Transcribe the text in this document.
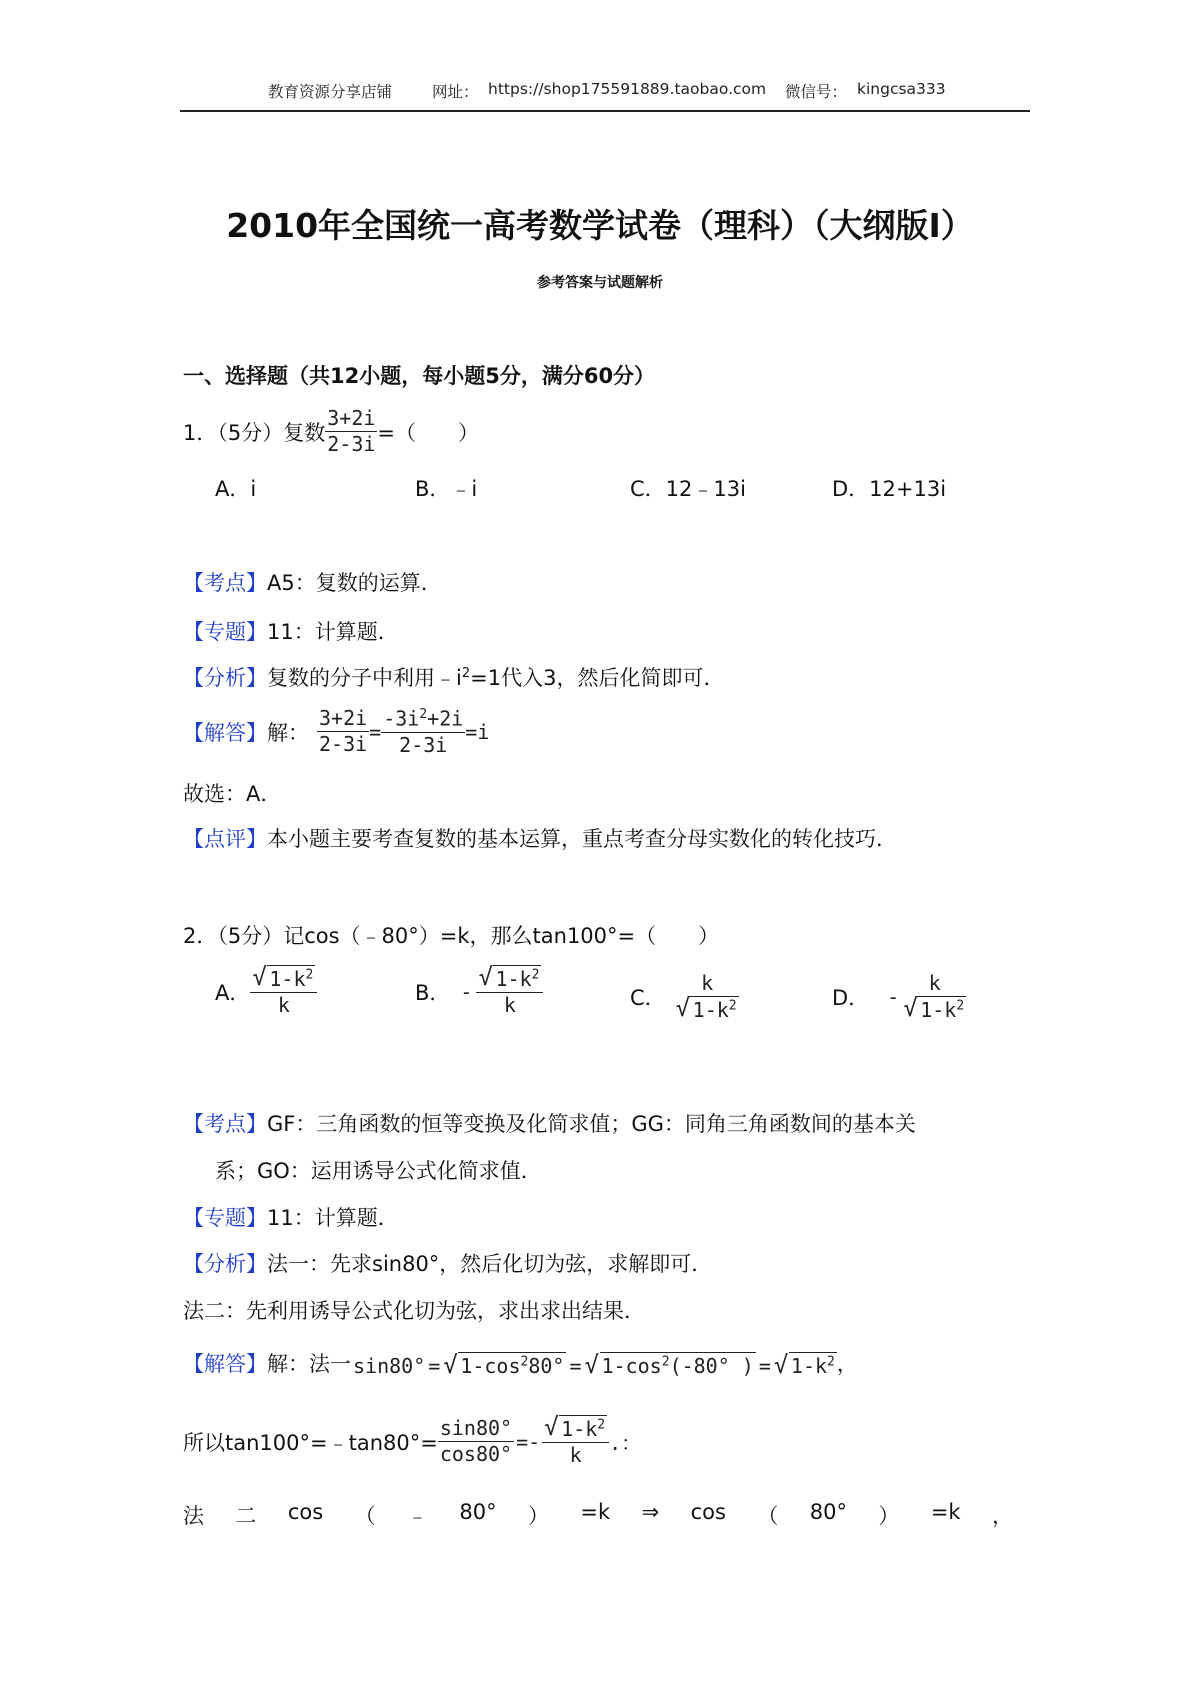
教育资源分享店铺	网址： https://shop175591889.taobao.com 微信号： kingcsa333
2010年全国统一高考数学试卷（理科）（大纲版Ⅰ）
参考答案与试题解析
一、选择题（共12小题，每小题5分，满分60分）
1．（5分）复数 $\frac{3+2i}{2-3i}$ =（　　）
A．i	B．﹣i	C．12﹣13i	D．12+13i
【考点】A5：复数的运算．
【专题】11：计算题．
【分析】复数的分子中利用$﹣i^2=1$代入3，然后化简即可．
【解答】 解： $\frac{3+2i}{2-3i} = \frac{-3i^2+2i}{2-3i} =i$
故选：A．
【点评】本小题主要考查复数的基本运算，重点考查分母实数化的转化技巧．
2．（5分）记cos（﹣80°）=k，那么tan100°=（　　）
A． $\frac{√ 1-k^2}{k}$	B． - $\frac{√ 1-k^2}{k}$	C． $\frac{k}{√ 1-k^2}$	D． - $\frac{k}{√ 1-k^2}$
【考点】GF：三角函数的恒等变换及化简求值；GG：同角三角函数间的基本关
系；GO：运用诱导公式化简求值．
【专题】11：计算题．
【分析】法一：先求sin80°，然后化切为弦，求解即可．
法二：先利用诱导公式化切为弦，求出求出结果．
【解答】 解：法一 sin80° = √ $1-\cos^280^\circ$ = √ $1-\cos^2(-80^\circ$ ) = √ $1-k^2$ ，
所以tan100°=﹣tan80°= $\frac{\sin 80^\circ}{\cos 80^\circ} =- \frac{√ 1-k^2}{k}$ .：
法 二 cos （ ﹣ 80° ） =k ⇒ cos （ 80° ） =k ，
